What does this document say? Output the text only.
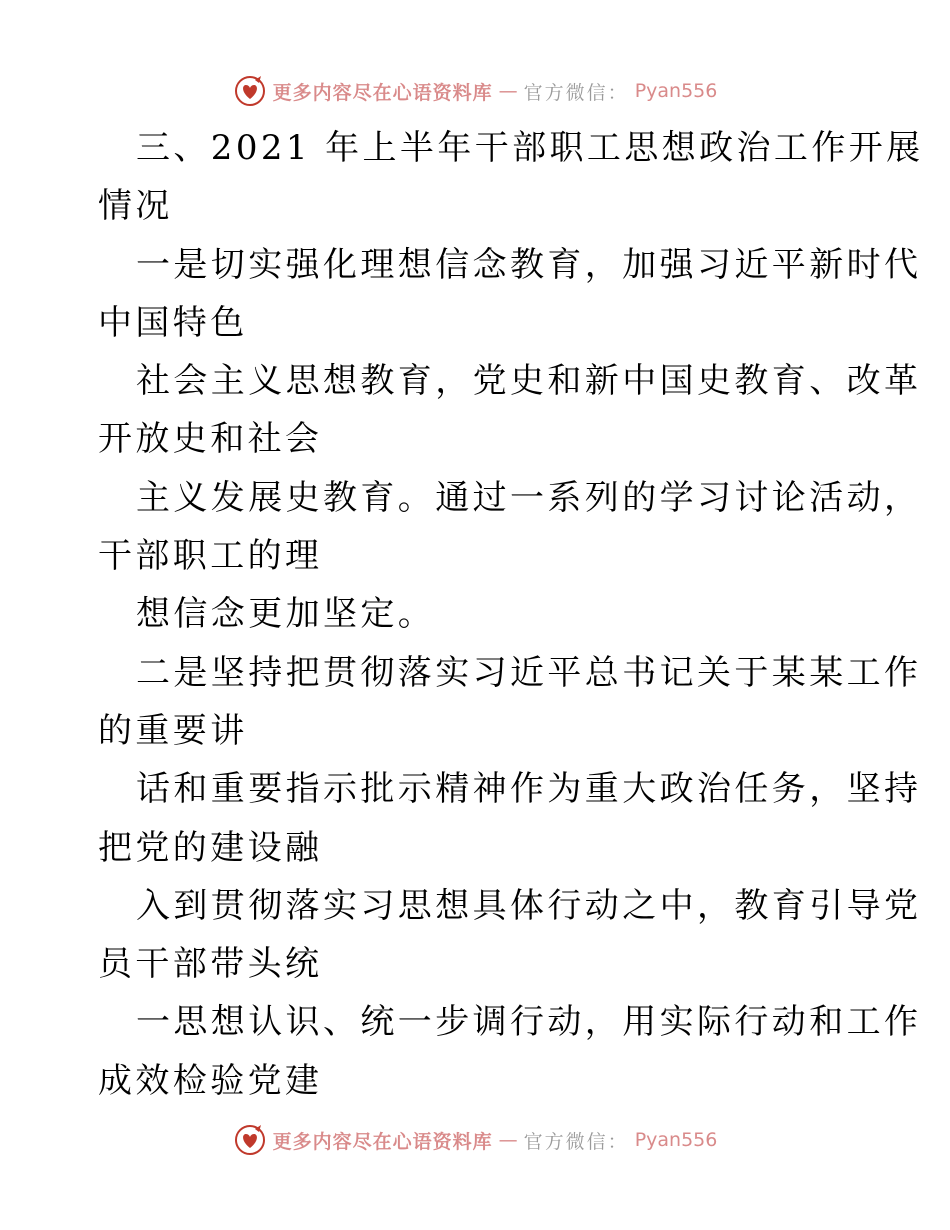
更多内容尽在心语资料库 — 官方微信： Pyan556
三、2021 年上半年干部职工思想政治工作开展
情况
一是切实强化理想信念教育，加强习近平新时代
中国特色
社会主义思想教育，党史和新中国史教育、改革
开放史和社会
主义发展史教育。通过一系列的学习讨论活动，
干部职工的理
想信念更加坚定。
二是坚持把贯彻落实习近平总书记关于某某工作
的重要讲
话和重要指示批示精神作为重大政治任务，坚持
把党的建设融
入到贯彻落实习思想具体行动之中，教育引导党
员干部带头统
一思想认识、统一步调行动，用实际行动和工作
成效检验党建
更多内容尽在心语资料库 — 官方微信： Pyan556
